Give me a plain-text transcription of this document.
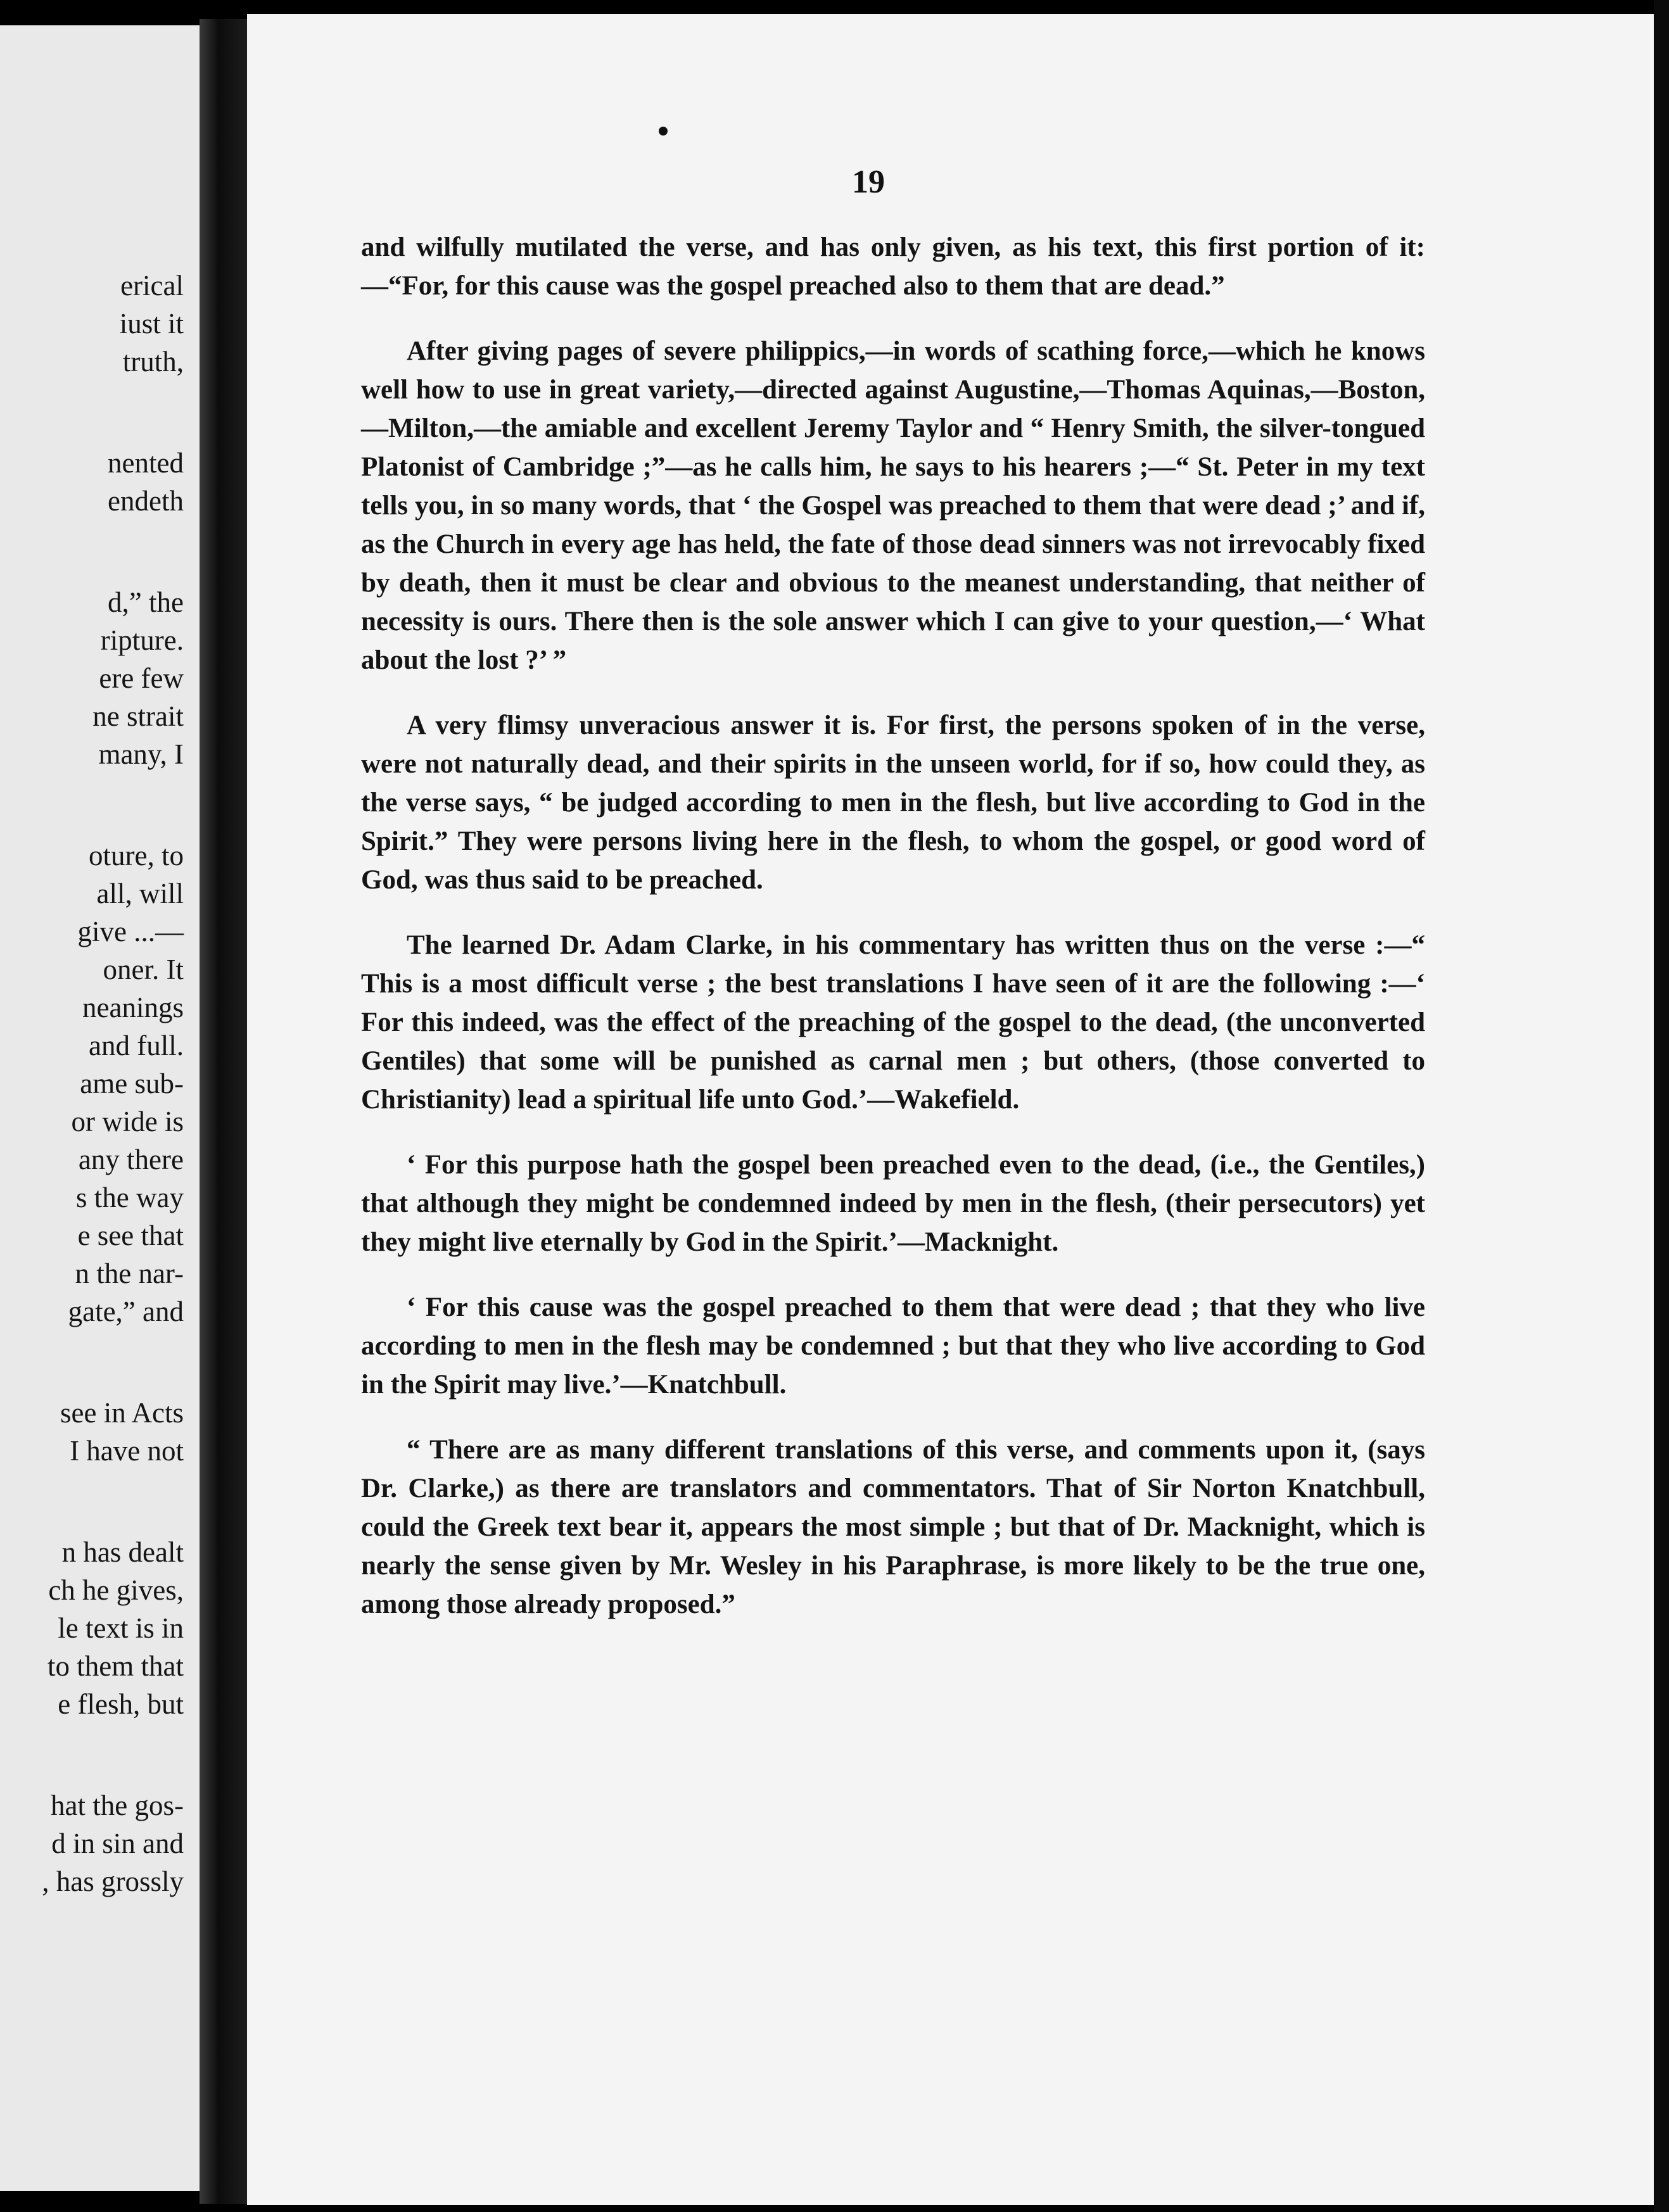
erical
iust it
truth,
nented
endeth
d,” the
ripture.
ere few
ne strait
many, I
oture, to
all, will
give ...—
oner. It
neanings
and full.
ame sub-
or wide is
any there
s the way
e see that
n the nar-
gate,” and
see in Acts
I have not
n has dealt
ch he gives,
le text is in
to them that
e flesh, but
hat the gos-
d in sin and
, has grossly
19

and wilfully mutilated the verse, and has only given, as his text, this first portion of it:—“For, for this cause was the gospel preached also to them that are dead.”

After giving pages of severe philippics,—in words of scathing force,—which he knows well how to use in great variety,—directed against Augustine,—Thomas Aquinas,—Boston,—Milton,—the amiable and excellent Jeremy Taylor and “ Henry Smith, the silver-tongued Platonist of Cambridge ;”—as he calls him, he says to his hearers ;—“ St. Peter in my text tells you, in so many words, that ‘ the Gospel was preached to them that were dead ;’ and if, as the Church in every age has held, the fate of those dead sinners was not irrevocably fixed by death, then it must be clear and obvious to the meanest understanding, that neither of necessity is ours. There then is the sole answer which I can give to your question,—‘ What about the lost ?’ ”

A very flimsy unveracious answer it is. For first, the persons spoken of in the verse, were not naturally dead, and their spirits in the unseen world, for if so, how could they, as the verse says, “ be judged according to men in the flesh, but live according to God in the Spirit.” They were persons living here in the flesh, to whom the gospel, or good word of God, was thus said to be preached.

The learned Dr. Adam Clarke, in his commentary has written thus on the verse :—“ This is a most difficult verse ; the best translations I have seen of it are the following :—‘ For this indeed, was the effect of the preaching of the gospel to the dead, (the unconverted Gentiles) that some will be punished as carnal men ; but others, (those converted to Christianity) lead a spiritual life unto God.’—Wakefield.

‘ For this purpose hath the gospel been preached even to the dead, (i.e., the Gentiles,) that although they might be condemned indeed by men in the flesh, (their persecutors) yet they might live eternally by God in the Spirit.’—Macknight.

‘ For this cause was the gospel preached to them that were dead ; that they who live according to men in the flesh may be condemned ; but that they who live according to God in the Spirit may live.’—Knatchbull.

“ There are as many different translations of this verse, and comments upon it, (says Dr. Clarke,) as there are translators and commentators. That of Sir Norton Knatchbull, could the Greek text bear it, appears the most simple ; but that of Dr. Macknight, which is nearly the sense given by Mr. Wesley in his Paraphrase, is more likely to be the true one, among those already proposed.”
